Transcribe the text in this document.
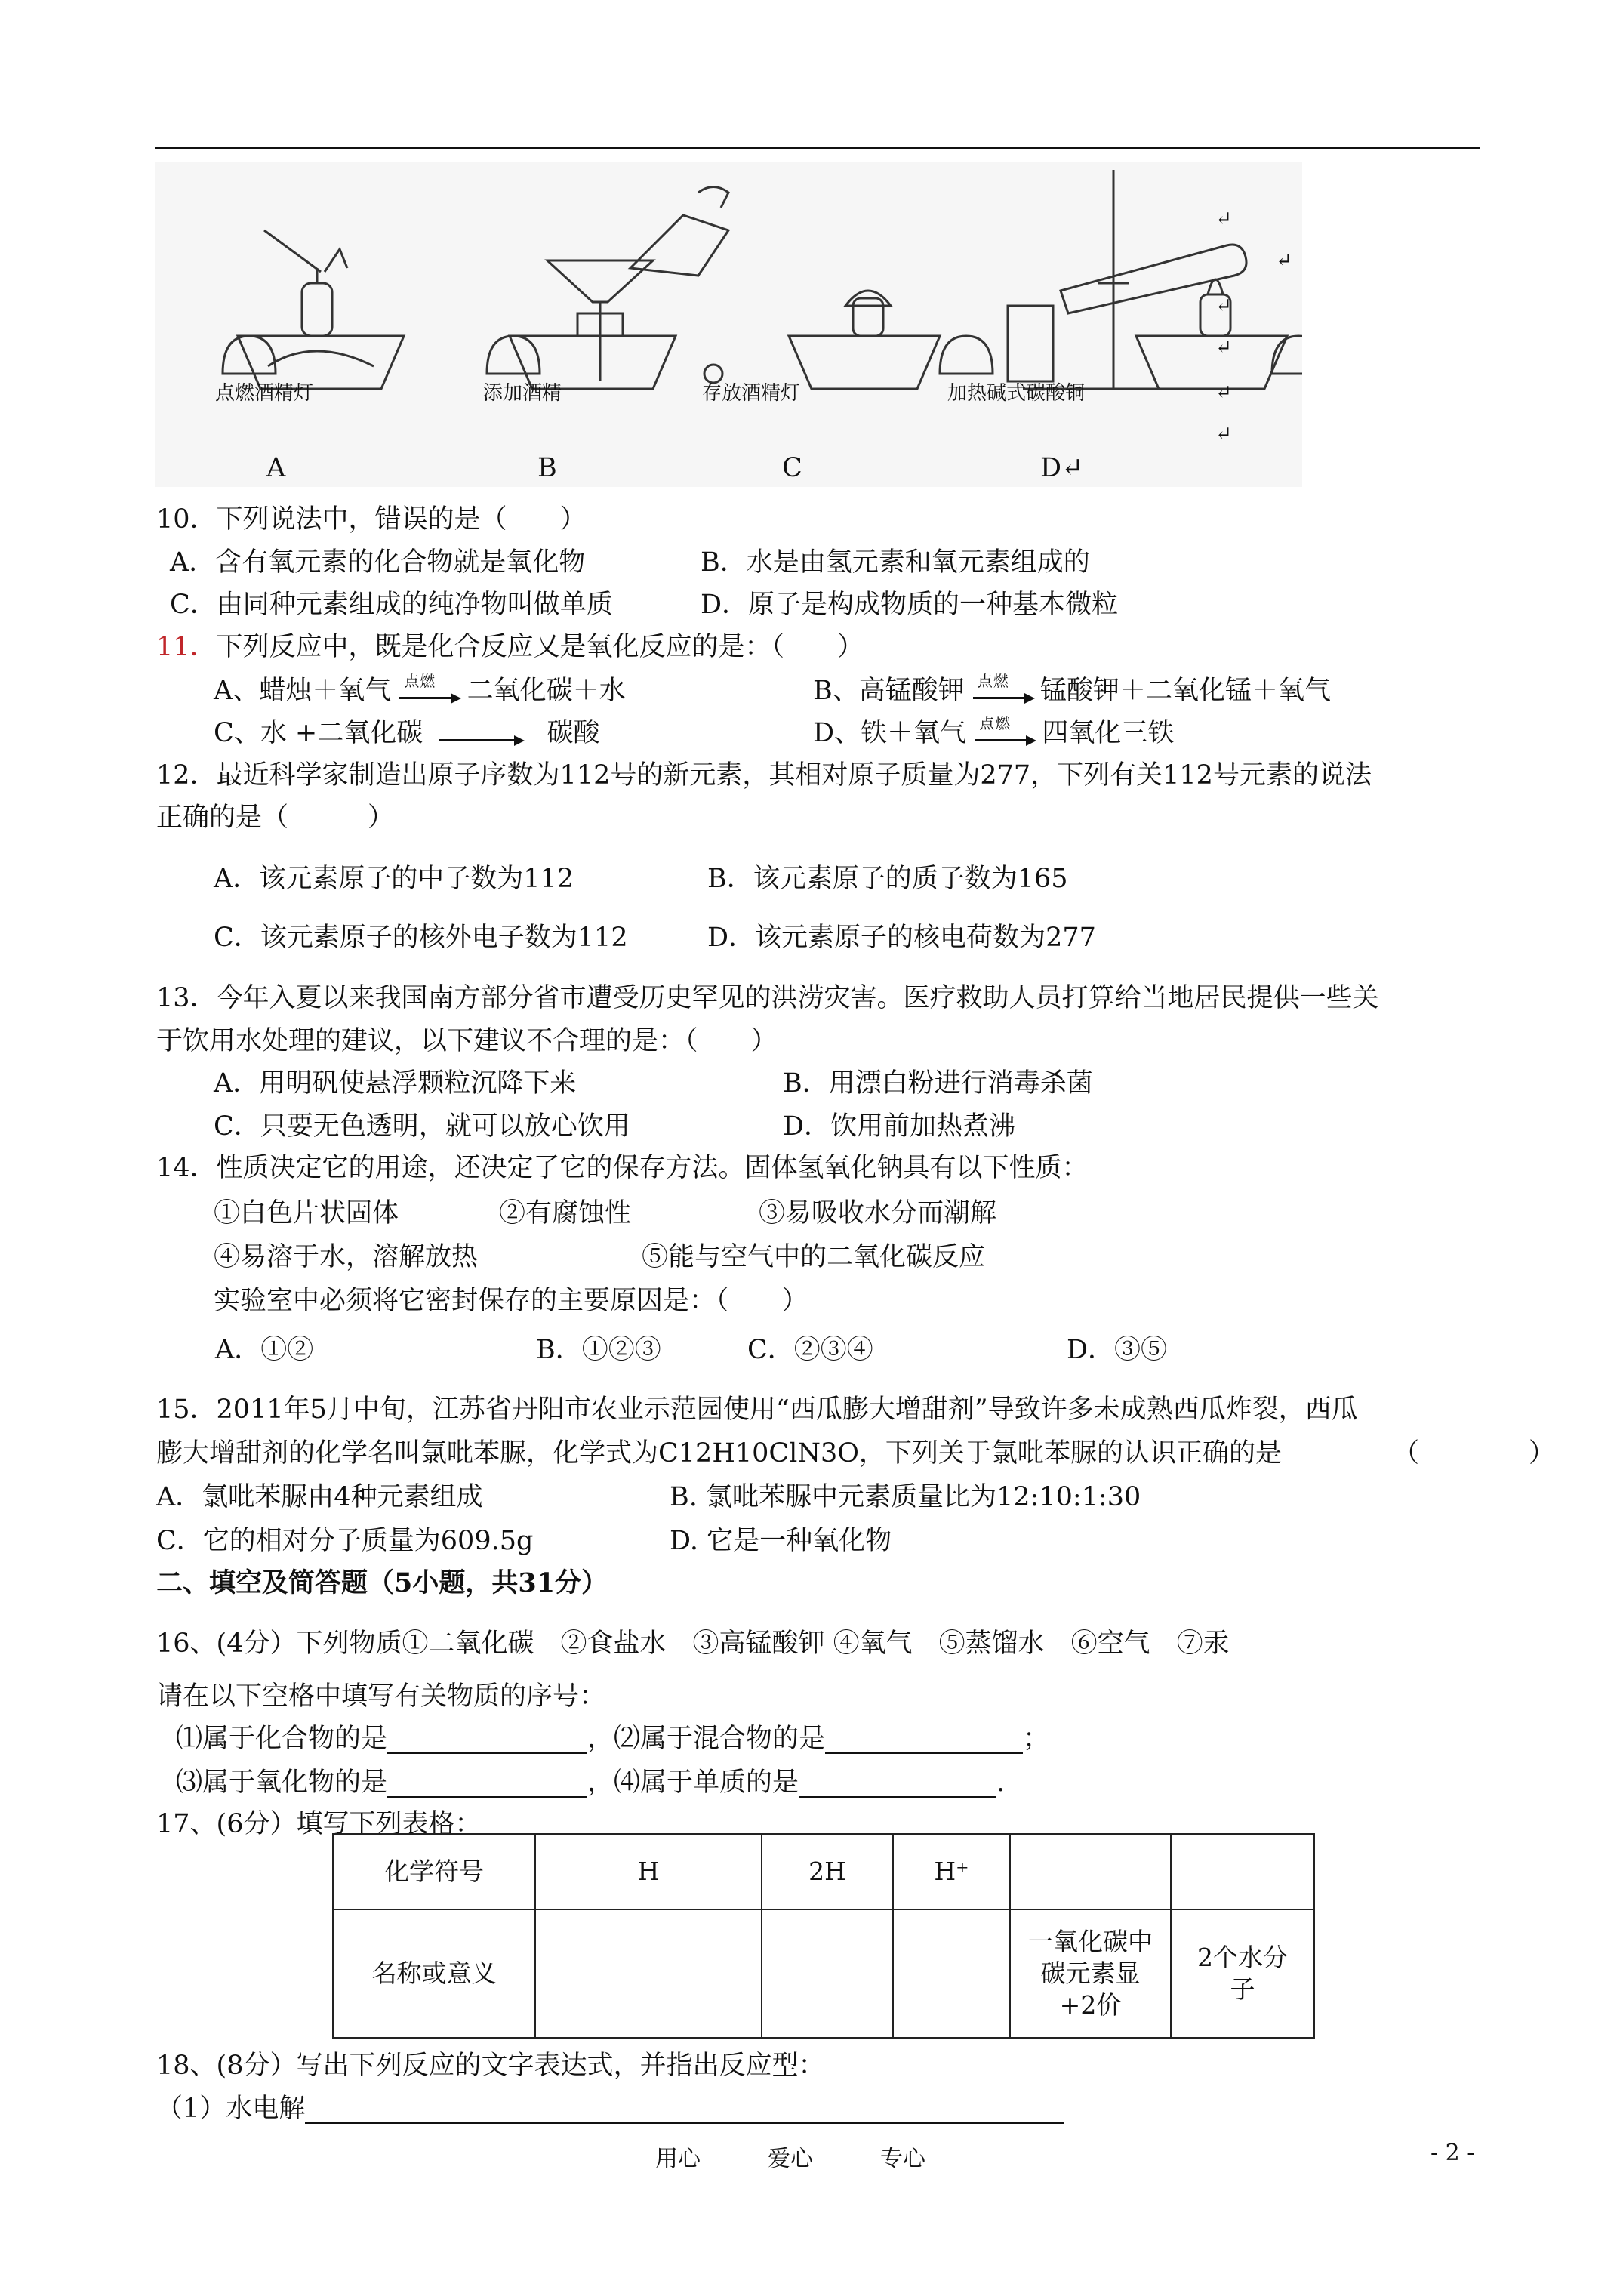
点燃酒精灯	添加酒精	存放酒精灯	加热碱式碳酸铜
A	B	C	D↵
↵
↵
↵
↵
↵
↵
10．下列说法中，错误的是（　　）
A．含有氧元素的化合物就是氧化物	B．水是由氢元素和氧元素组成的
C．由同种元素组成的纯净物叫做单质	D．原子是构成物质的一种基本微粒
11．下列反应中，既是化合反应又是氧化反应的是：（　　）
A、蜡烛＋氧气 点燃 二氧化碳＋水	B、高锰酸钾 点燃 锰酸钾＋二氧化锰＋氧气
C、水 +二氧化碳	碳酸	D、铁＋氧气 点燃 四氧化三铁
12．最近科学家制造出原子序数为112号的新元素，其相对原子质量为277，下列有关112号元素的说法
正确的是（　　　）
A．该元素原子的中子数为112	B．该元素原子的质子数为165
C．该元素原子的核外电子数为112	D．该元素原子的核电荷数为277
13．今年入夏以来我国南方部分省市遭受历史罕见的洪涝灾害。医疗救助人员打算给当地居民提供一些关
于饮用水处理的建议，以下建议不合理的是：（　　）
A．用明矾使悬浮颗粒沉降下来	B．用漂白粉进行消毒杀菌
C．只要无色透明，就可以放心饮用	D．饮用前加热煮沸
14．性质决定它的用途，还决定了它的保存方法。固体氢氧化钠具有以下性质：
①白色片状固体	②有腐蚀性	③易吸收水分而潮解
④易溶于水，溶解放热	⑤能与空气中的二氧化碳反应
实验室中必须将它密封保存的主要原因是：（　　）
A．①②	B．①②③	C．②③④	D．③⑤
15．2011年5月中旬，江苏省丹阳市农业示范园使用“西瓜膨大增甜剂”导致许多未成熟西瓜炸裂，西瓜
膨大增甜剂的化学名叫氯吡苯脲，化学式为C12H10ClN3O，下列关于氯吡苯脲的认识正确的是	（	）
A．氯吡苯脲由4种元素组成	B. 氯吡苯脲中元素质量比为12:10:1:30
C．它的相对分子质量为609.5g	D. 它是一种氧化物
二、填空及简答题（5小题，共31分）
16、(4分）下列物质①二氧化碳　②食盐水　③高锰酸钾 ④氧气　⑤蒸馏水　⑥空气　⑦汞
请在以下空格中填写有关物质的序号：
⑴属于化合物的是	，⑵属于混合物的是	；
⑶属于氧化物的是	，⑷属于单质的是	.
17、(6分）填写下列表格：
化学符号	H	2H	H⁺		
名称或意义				一氧化碳中碳元素显+2价	2个水分子
18、(8分）写出下列反应的文字表达式，并指出反应型：
（1）水电解
用心	爱心	专心	- 2 -
